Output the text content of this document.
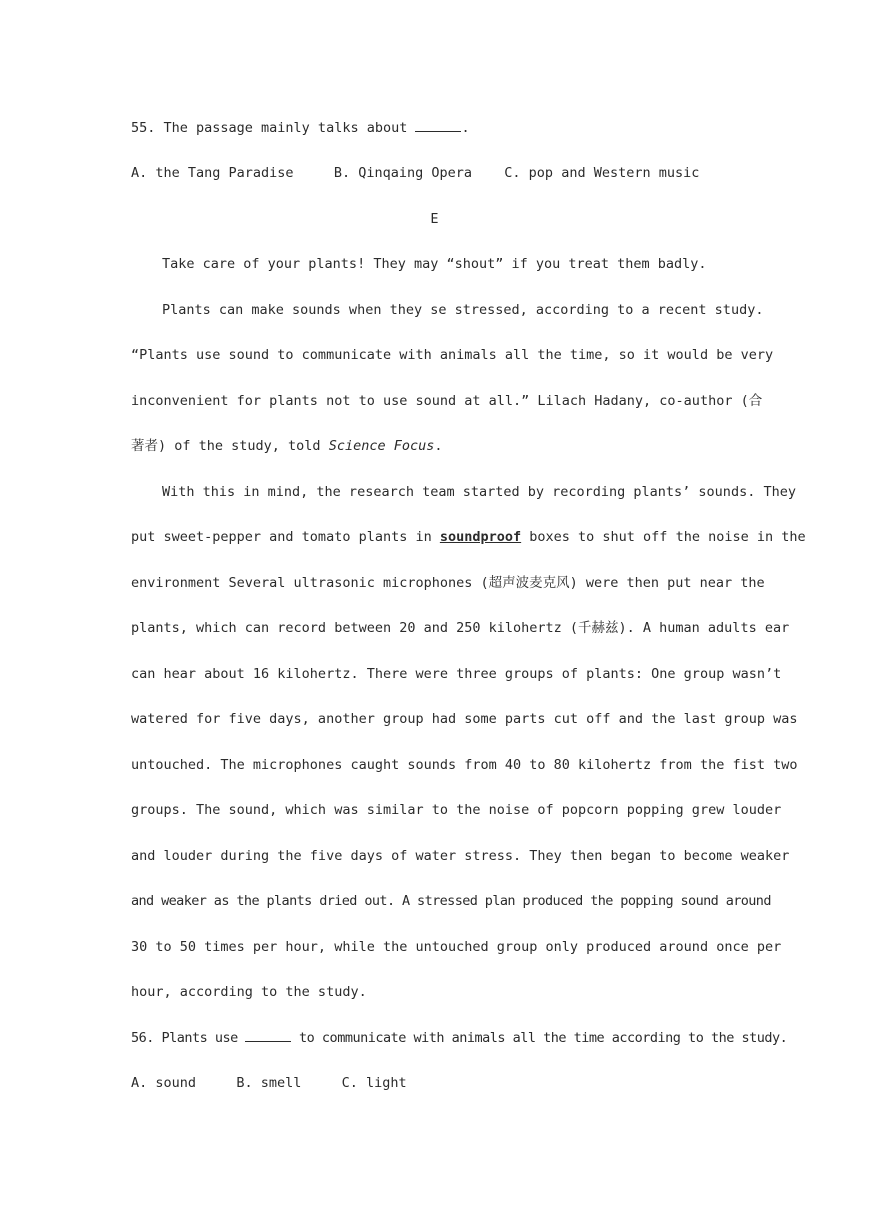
55. The passage mainly talks about	.
A. the Tang Paradise	B. Qinqaing Opera C. pop and Western music
E
Take care of your plants! They may “shout” if you treat them badly.
Plants can make sounds when they se stressed, according to a recent study.
“Plants use sound to communicate with animals all the time, so it would be very
inconvenient for plants not to use sound at all.” Lilach Hadany, co-author (合
著者) of the study, told Science Focus.
With this in mind, the research team started by recording plants’ sounds. They
put sweet-pepper and tomato plants in soundproof boxes to shut off the noise in the
environment Several ultrasonic microphones (超声波麦克风) were then put near the
plants, which can record between 20 and 250 kilohertz (千赫兹). A human adults ear
can hear about 16 kilohertz. There were three groups of plants: One group wasn’t
watered for five days, another group had some parts cut off and the last group was
untouched. The microphones caught sounds from 40 to 80 kilohertz from the fist two
groups. The sound, which was similar to the noise of popcorn popping grew louder
and louder during the five days of water stress. They then began to become weaker
and weaker as the plants dried out. A stressed plan produced the popping sound around
30 to 50 times per hour, while the untouched group only produced around once per
hour, according to the study.
56. Plants use	to communicate with animals all the time according to the study.
A. sound	B. smell	C. light
